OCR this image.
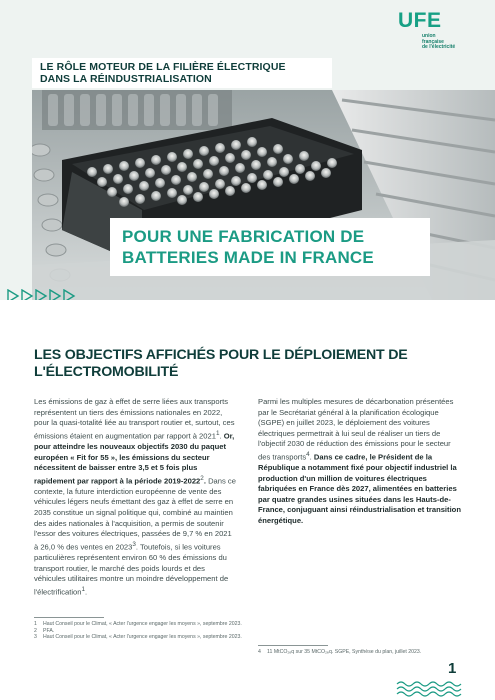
UFE
union
française
de l'électricité
LE RÔLE MOTEUR DE LA FILIÈRE ÉLECTRIQUE
DANS LA RÉINDUSTRIALISATION
POUR UNE FABRICATION DE
BATTERIES MADE IN FRANCE
LES OBJECTIFS AFFICHÉS POUR LE DÉPLOIEMENT DE
L'ÉLECTROMOBILITÉ
Les émissions de gaz à effet de serre liées aux transports représentent un tiers des émissions nationales en 2022, pour la quasi-totalité liée au transport routier et, surtout, ces émissions étaient en augmentation par rapport à 2021$^1$. Or, pour atteindre les nouveaux objectifs 2030 du paquet européen « Fit for 55 », les émissions du secteur nécessitent de baisser entre 3,5 et 5 fois plus rapidement par rapport à la période 2019-2022$^2$. Dans ce contexte, la future interdiction européenne de vente des véhicules légers neufs émettant des gaz à effet de serre en 2035 constitue un signal politique qui, combiné au maintien des aides nationales à l'acquisition, a permis de soutenir l'essor des voitures électriques, passées de 9,7 % en 2021 à 26,0 % des ventes en 2023$^3$. Toutefois, si les voitures particulières représentent environ 60 % des émissions du transport routier, le marché des poids lourds et des véhicules utilitaires montre un moindre développement de l'électrification$^1$.
Parmi les multiples mesures de décarbonation présentées par le Secrétariat général à la planification écologique (SGPE) en juillet 2023, le déploiement des voitures électriques permettrait à lui seul de réaliser un tiers de l'objectif 2030 de réduction des émissions pour le secteur des transports$^4$. Dans ce cadre, le Président de la République a notamment fixé pour objectif industriel la production d'un million de voitures électriques fabriquées en France dès 2027, alimentées en batteries par quatre grandes usines situées dans les Hauts-de-France, conjuguant ainsi réindustrialisation et transition énergétique.
1 Haut Conseil pour le Climat, « Acter l'urgence engager les moyens », septembre 2023.
2 PFA.
3 Haut Conseil pour le Climat, « Acter l'urgence engager les moyens », septembre 2023.
4 11 MtCO₂ₑq sur 35 MtCO₂ₑq. SGPE, Synthèse du plan, juillet 2023.
1
